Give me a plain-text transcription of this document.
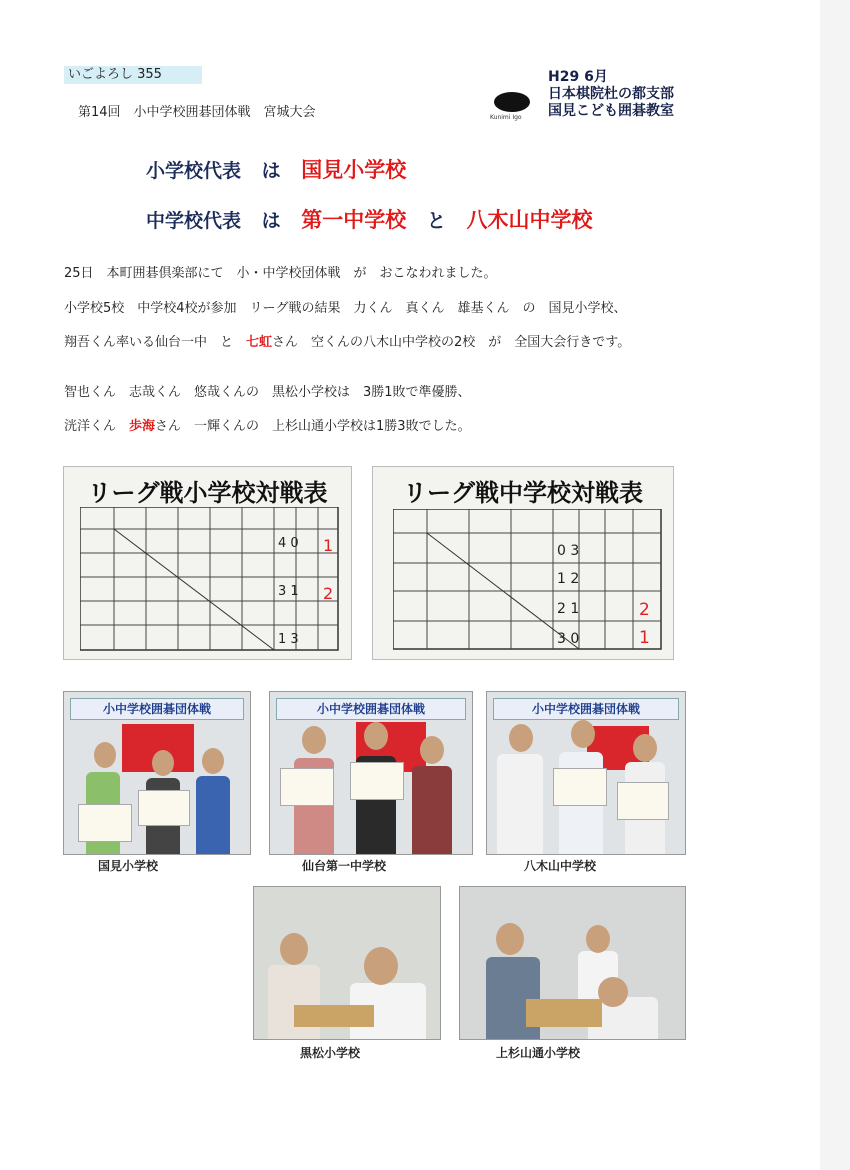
いごよろし 355
第14回　小中学校囲碁団体戦　宮城大会	Kunimi Igo
H29 6月
日本棋院杜の都支部
国見こども囲碁教室
小学校代表 は 国見小学校
中学校代表 は 第一中学校 と 八木山中学校
25日　本町囲碁倶楽部にて　小・中学校団体戦　が　おこなわれました。
小学校5校　中学校4校が参加　リーグ戦の結果　力くん　真くん　雄基くん　の　国見小学校、
翔吾くん率いる仙台一中　と　七虹さん　空くんの八木山中学校の2校　が　全国大会行きです。
智也くん　志哉くん　悠哉くんの　黒松小学校は　3勝1敗で準優勝、
洸洋くん　歩海さん　一輝くんの　上杉山通小学校は1勝3敗でした。
リーグ戦小学校対戦表
1
2
4 0
3 1
1 3
リーグ戦中学校対戦表
2
1
0 3
1 2
2 1
3 0
小中学校囲碁団体戦
国見小学校
小中学校囲碁団体戦
仙台第一中学校
小中学校囲碁団体戦
八木山中学校
黒松小学校	上杉山通小学校
